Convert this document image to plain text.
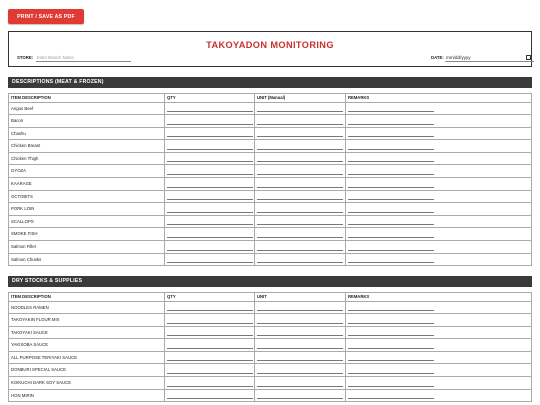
PRINT / SAVE AS PDF
TAKOYADON MONITORING
STORE: Enter Branch Name	DATE: mm/dd/yyyy
DESCRIPTIONS (MEAT & FROZEN)
ITEM DESCRIPTION	QTY	UNIT (Manual)	REMARKS
Angus Beef
Bacon
Chashu
Chicken Breast
Chicken Thigh
GYOZA
KAARAGE
OCTOBITS
PORK LOIN
SCALLOPS
SMOKE FISH
Salmon Fillet
Salmon Chunks
DRY STOCKS & SUPPLIES
ITEM DESCRIPTION	QTY	UNIT	REMARKS
NOODLES RAMEN
TAKOYAKIN FLOUR MIX
TAKOYAKI SAUCE
YAKISOBA SAUCE
ALL PURPOSE TERIYAKI SAUCE
DONBURI SPECIAL SAUCE
KOIKUCHI DARK SOY SAUCE
HON MIRIN
